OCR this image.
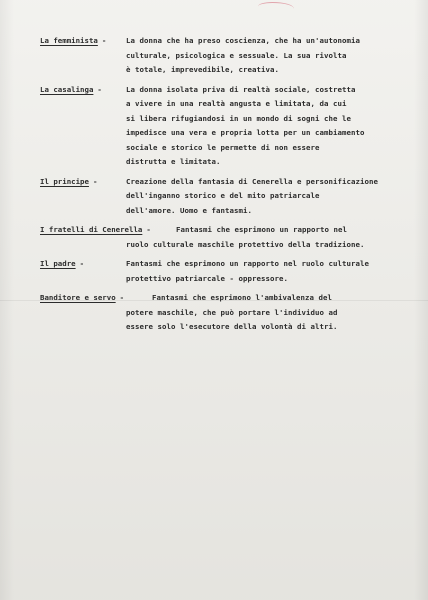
La femminista -	La donna che ha preso coscienza, che ha un'autonomia
culturale, psicologica e sessuale. La sua rivolta
è totale, imprevedibile, creativa.
La casalinga -	La donna isolata priva di realtà sociale, costretta
a vivere in una realtà angusta e limitata, da cui
si libera rifugiandosi in un mondo di sogni che le
impedisce una vera e propria lotta per un cambiamento
sociale e storico le permette di non essere
distrutta e limitata.
Il principe -	Creazione della fantasia di Cenerella e personificazione
dell'inganno storico e del mito patriarcale
dell'amore. Uomo e fantasmi.
I fratelli di Cenerella -	Fantasmi che esprimono un rapporto nel
ruolo culturale maschile protettivo della tradizione.
Il padre -	Fantasmi che esprimono un rapporto nel ruolo culturale
protettivo patriarcale - oppressore.
Banditore e servo -	Fantasmi che esprimono l'ambivalenza del
potere maschile, che può portare l'individuo ad
essere solo l'esecutore della volontà di altri.
